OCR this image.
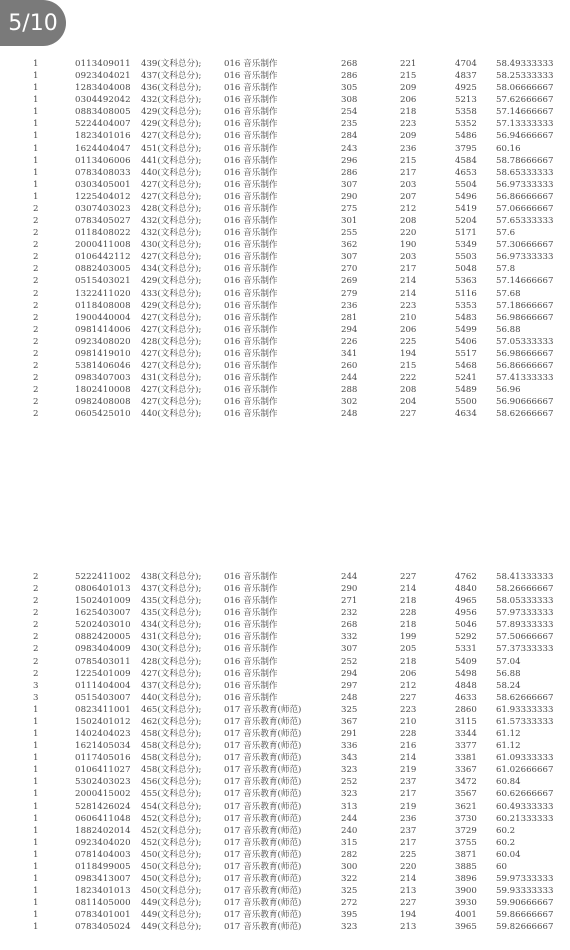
1	0113409011 439(文科总分);	016 音乐制作	268	221	4704 58.49333333
1	0923404021 437(文科总分);	016 音乐制作	286	215	4837 58.25333333
1	1283404008 436(文科总分);	016 音乐制作	305	209	4925 58.06666667
1	0304492042 432(文科总分);	016 音乐制作	308	206	5213 57.62666667
1	0883408005 429(文科总分);	016 音乐制作	254	218	5358 57.14666667
1	5224404007 429(文科总分);	016 音乐制作	235	223	5352 57.13333333
1	1823401016 427(文科总分);	016 音乐制作	284	209	5486 56.94666667
1	1624404047 451(文科总分);	016 音乐制作	243	236	3795 60.16
1	0113406006 441(文科总分);	016 音乐制作	296	215	4584 58.78666667
1	0783408033 440(文科总分);	016 音乐制作	286	217	4653 58.65333333
1	0303405001 427(文科总分);	016 音乐制作	307	203	5504 56.97333333
1	1225404012 427(文科总分);	016 音乐制作	290	207	5496 56.86666667
2	0307403023 428(文科总分);	016 音乐制作	275	212	5419 57.06666667
2	0783405027 432(文科总分);	016 音乐制作	301	208	5204 57.65333333
2	0118408022 432(文科总分);	016 音乐制作	255	220	5171 57.6
2	2000411008 430(文科总分);	016 音乐制作	362	190	5349 57.30666667
2	0106442112 427(文科总分);	016 音乐制作	307	203	5503 56.97333333
2	0882403005 434(文科总分);	016 音乐制作	270	217	5048 57.8
2	0515403021 429(文科总分);	016 音乐制作	269	214	5363 57.14666667
2	1322411020 433(文科总分);	016 音乐制作	279	214	5116 57.68
2	0118408008 429(文科总分);	016 音乐制作	236	223	5353 57.18666667
2	1900440004 427(文科总分);	016 音乐制作	281	210	5483 56.98666667
2	0981414006 427(文科总分);	016 音乐制作	294	206	5499 56.88
2	0923408020 428(文科总分);	016 音乐制作	226	225	5406 57.05333333
2	0981419010 427(文科总分);	016 音乐制作	341	194	5517 56.98666667
2	5381406046 427(文科总分);	016 音乐制作	260	215	5468 56.86666667
2	0983407003 431(文科总分);	016 音乐制作	244	222	5241 57.41333333
2	1802410008 427(文科总分);	016 音乐制作	288	208	5489 56.96
2	0982408008 427(文科总分);	016 音乐制作	302	204	5500 56.90666667
2	0605425010 440(文科总分);	016 音乐制作	248	227	4634 58.62666667
2	5222411002 438(文科总分);	016 音乐制作	244	227	4762 58.41333333
2	0806401013 437(文科总分);	016 音乐制作	290	214	4840 58.26666667
2	1502401009 435(文科总分);	016 音乐制作	271	218	4965 58.05333333
2	1625403007 435(文科总分);	016 音乐制作	232	228	4956 57.97333333
2	5202403010 434(文科总分);	016 音乐制作	268	218	5046 57.89333333
2	0882420005 431(文科总分);	016 音乐制作	332	199	5292 57.50666667
2	0983404009 430(文科总分);	016 音乐制作	307	205	5331 57.37333333
2	0785403011 428(文科总分);	016 音乐制作	252	218	5409 57.04
2	1225401009 427(文科总分);	016 音乐制作	294	206	5498 56.88
3	0111404004 437(文科总分);	016 音乐制作	297	212	4848 58.24
3	0515403007 440(文科总分);	016 音乐制作	248	227	4633 58.62666667
1	0823411001 465(文科总分);	017 音乐教育(师范)	325	223	2860 61.93333333
1	1502401012 462(文科总分);	017 音乐教育(师范)	367	210	3115 61.57333333
1	1402404023 458(文科总分);	017 音乐教育(师范)	291	228	3344 61.12
1	1621405034 458(文科总分);	017 音乐教育(师范)	336	216	3377 61.12
1	0117405016 458(文科总分);	017 音乐教育(师范)	343	214	3381 61.09333333
1	0106411027 458(文科总分);	017 音乐教育(师范)	323	219	3367 61.02666667
1	5302403023 456(文科总分);	017 音乐教育(师范)	252	237	3472 60.84
1	2000415002 455(文科总分);	017 音乐教育(师范)	323	217	3567 60.62666667
1	5281426024 454(文科总分);	017 音乐教育(师范)	313	219	3621 60.49333333
1	0606411048 452(文科总分);	017 音乐教育(师范)	244	236	3730 60.21333333
1	1882402014 452(文科总分);	017 音乐教育(师范)	240	237	3729 60.2
1	0923404020 452(文科总分);	017 音乐教育(师范)	315	217	3755 60.2
1	0781404003 450(文科总分);	017 音乐教育(师范)	282	225	3871 60.04
1	0118499005 450(文科总分);	017 音乐教育(师范)	300	220	3885 60
1	0983413007 450(文科总分);	017 音乐教育(师范)	322	214	3896 59.97333333
1	1823401013 450(文科总分);	017 音乐教育(师范)	325	213	3900 59.93333333
1	0811405000 449(文科总分);	017 音乐教育(师范)	272	227	3930 59.90666667
1	0783401001 449(文科总分);	017 音乐教育(师范)	395	194	4001 59.86666667
1	0783405024 449(文科总分);	017 音乐教育(师范)	323	213	3965 59.82666667
5/10
